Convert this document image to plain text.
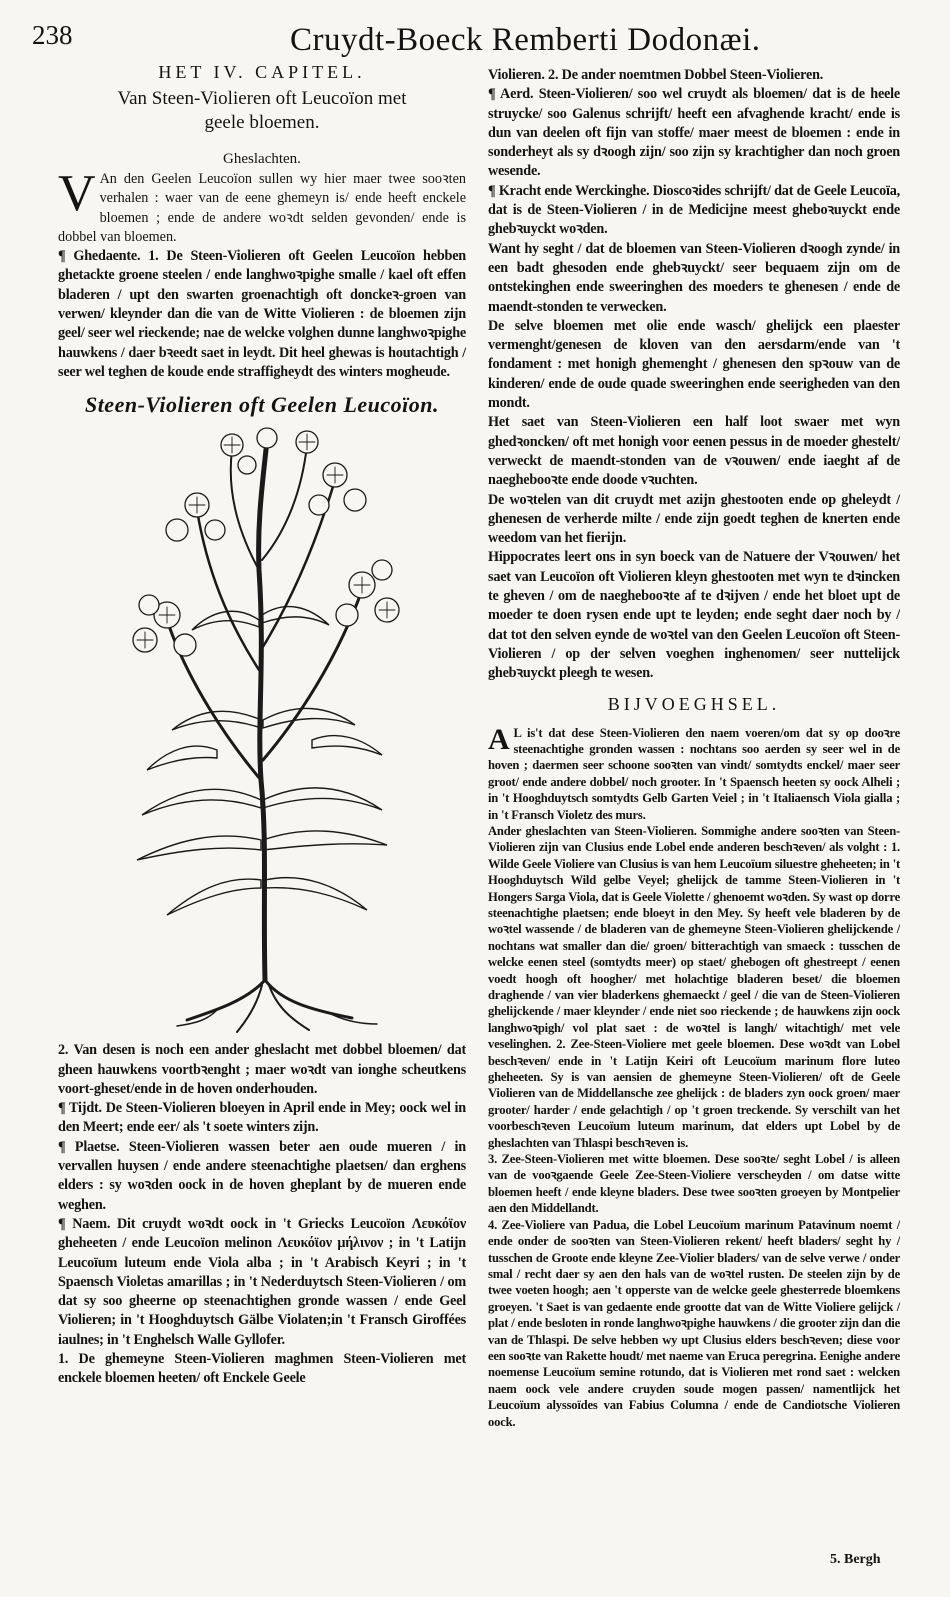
238	Cruydt-Boeck Remberti Dodonæi.

HET IV. CAPITEL.

Van Steen-Violieren oft Leucoïon met geele bloemen.

Gheslachten.

V An den Geelen Leucoïon sullen wy hier maer twee sooꝛten verhalen : waer van de eene ghemeyn is/ ende heeft enckele bloemen ; ende de andere woꝛdt selden gevonden/ ende is dobbel van bloemen.

¶ Ghedaente. 1. De Steen-Violieren oft Geelen Leucoïon hebben ghetackte groene steelen / ende langhwoꝛpighe smalle / kael oft effen bladeren / upt den swarten groenachtigh oft donckeꝛ-groen van verwen/ kleynder dan die van de Witte Violieren : de bloemen zijn geel/ seer wel rieckende; nae de welcke volghen dunne langhwoꝛpighe hauwkens / daer bꝛeedt saet in leydt. Dit heel ghewas is houtachtigh / seer wel teghen de koude ende straffigheydt des winters mogheude.

Steen-Violieren oft Geelen Leucoïon.

2. Van desen is noch een ander gheslacht met dobbel bloemen/ dat gheen hauwkens voortbꝛenght ; maer woꝛdt van ionghe scheutkens voort-gheset/ende in de hoven onderhouden.

¶ Tijdt. De Steen-Violieren bloeyen in April ende in Mey; oock wel in den Meert; ende eer/ als 't soete winters zijn.

¶ Plaetse. Steen-Violieren wassen beter aen oude mueren / in vervallen huysen / ende andere steenachtighe plaetsen/ dan erghens elders : sy woꝛden oock in de hoven gheplant by de mueren ende weghen.

¶ Naem. Dit cruydt woꝛdt oock in 't Griecks Leucoïon Λευκόϊον gheheeten / ende Leucoïon melinon Λευκόϊον μήλινον ; in 't Latijn Leucoïum luteum ende Viola alba ; in 't Arabisch Keyri ; in 't Spaensch Violetas amarillas ; in 't Nederduytsch Steen-Violieren / om dat sy soo gheerne op steenachtighen gronde wassen / ende Geel Violieren; in 't Hooghduytsch Gälbe Violaten;in 't Fransch Giroffées iaulnes; in 't Enghelsch Walle Gyllofer.

1. De ghemeyne Steen-Violieren maghmen Steen-Violieren met enckele bloemen heeten/ oft Enckele Geele

Violieren. 2. De ander noemtmen Dobbel Steen-Violieren.

¶ Aerd. Steen-Violieren/ soo wel cruydt als bloemen/ dat is de heele struycke/ soo Galenus schrijft/ heeft een afvaghende kracht/ ende is dun van deelen oft fijn van stoffe/ maer meest de bloemen : ende in sonderheyt als sy dꝛoogh zijn/ soo zijn sy krachtigher dan noch groen wesende.

¶ Kracht ende Werckinghe. Dioscoꝛides schrijft/ dat de Geele Leucoïa, dat is de Steen-Violieren / in de Medicijne meest gheboꝛuyckt ende ghebꝛuyckt woꝛden.

Want hy seght / dat de bloemen van Steen-Violieren dꝛoogh zynde/ in een badt ghesoden ende ghebꝛuyckt/ seer bequaem zijn om de ontstekinghen ende sweeringhen des moeders te ghenesen / ende de maendt-stonden te verwecken.

De selve bloemen met olie ende wasch/ ghelijck een plaester vermenght/genesen de kloven van den aersdarm/ende van 't fondament : met honigh ghemenght / ghenesen den spꝛouw van de kinderen/ ende de oude quade sweeringhen ende seerigheden van den mondt.

Het saet van Steen-Violieren een half loot swaer met wyn ghedꝛoncken/ oft met honigh voor eenen pessus in de moeder ghestelt/ verweckt de maendt-stonden van de vꝛouwen/ ende iaeght af de naeghebooꝛte ende doode vꝛuchten.

De woꝛtelen van dit cruydt met azijn ghestooten ende op gheleydt / ghenesen de verherde milte / ende zijn goedt teghen de knerten ende weedom van het fierijn.

Hippocrates leert ons in syn boeck van de Natuere der Vꝛouwen/ het saet van Leucoïon oft Violieren kleyn ghestooten met wyn te dꝛincken te gheven / om de naeghebooꝛte af te dꝛijven / ende het bloet upt de moeder te doen rysen ende upt te leyden; ende seght daer noch by / dat tot den selven eynde de woꝛtel van den Geelen Leucoïon oft Steen-Violieren / op der selven voeghen inghenomen/ seer nuttelijck ghebꝛuyckt pleegh te wesen.

BIJVOEGHSEL.

A L is't dat dese Steen-Violieren den naem voeren/om dat sy op dooꝛre steenachtighe gronden wassen : nochtans soo aerden sy seer wel in de hoven ; daermen seer schoone sooꝛten van vindt/ somtydts enckel/ maer seer groot/ ende andere dobbel/ noch grooter. In 't Spaensch heeten sy oock Alheli ; in 't Hooghduytsch somtydts Gelb Garten Veiel ; in 't Italiaensch Viola gialla ; in 't Fransch Violetz des murs.

Ander gheslachten van Steen-Violieren. Sommighe andere sooꝛten van Steen-Violieren zijn van Clusius ende Lobel ende anderen beschꝛeven/ als volght : 1. Wilde Geele Violiere van Clusius is van hem Leucoïum siluestre gheheeten; in 't Hooghduytsch Wild gelbe Veyel; ghelijck de tamme Steen-Violieren in 't Hongers Sarga Viola, dat is Geele Violette / ghenoemt woꝛden. Sy wast op dorre steenachtighe plaetsen; ende bloeyt in den Mey. Sy heeft vele bladeren by de woꝛtel wassende / de bladeren van de ghemeyne Steen-Violieren ghelijckende / nochtans wat smaller dan die/ groen/ bitterachtigh van smaeck : tusschen de welcke eenen steel (somtydts meer) op staet/ ghebogen oft ghestreept / eenen voedt hoogh oft hoogher/ met holachtige bladeren beset/ die bloemen draghende / van vier bladerkens ghemaeckt / geel / die van de Steen-Violieren ghelijckende / maer kleynder / ende niet soo rieckende ; de hauwkens zijn oock langhwoꝛpigh/ vol plat saet : de woꝛtel is langh/ witachtigh/ met vele veselinghen. 2. Zee-Steen-Violiere met geele bloemen. Dese woꝛdt van Lobel beschꝛeven/ ende in 't Latijn Keiri oft Leucoïum marinum flore luteo gheheeten. Sy is van aensien de ghemeyne Steen-Violieren/ oft de Geele Violieren van de Middellansche zee ghelijck : de bladers zyn oock groen/ maer grooter/ harder / ende gelachtigh / op 't groen treckende. Sy verschilt van het voorbeschꝛeven Leucoïum luteum marinum, dat elders upt Lobel by de gheslachten van Thlaspi beschꝛeven is.

3. Zee-Steen-Violieren met witte bloemen. Dese sooꝛte/ seght Lobel / is alleen van de vooꝛgaende Geele Zee-Steen-Violiere verscheyden / om datse witte bloemen heeft / ende kleyne bladers. Dese twee sooꝛten groeyen by Montpelier aen den Middellandt.

4. Zee-Violiere van Padua, die Lobel Leucoïum marinum Patavinum noemt / ende onder de sooꝛten van Steen-Violieren rekent/ heeft bladers/ seght hy / tusschen de Groote ende kleyne Zee-Violier bladers/ van de selve verwe / onder smal / recht daer sy aen den hals van de woꝛtel rusten. De steelen zijn by de twee voeten hoogh; aen 't opperste van de welcke geele ghesterrede bloemkens groeyen. 't Saet is van gedaente ende grootte dat van de Witte Violiere gelijck / plat / ende besloten in ronde langhwoꝛpighe hauwkens / die grooter zijn dan die van de Thlaspi. De selve hebben wy upt Clusius elders beschꝛeven; diese voor een sooꝛte van Rakette houdt/ met naeme van Eruca peregrina. Eenighe andere noemense Leucoïum semine rotundo, dat is Violieren met rond saet : welcken naem oock vele andere cruyden soude mogen passen/ namentlijck het Leucoïum alyssoïdes van Fabius Columna / ende de Candiotsche Violieren oock.

5. Bergh
